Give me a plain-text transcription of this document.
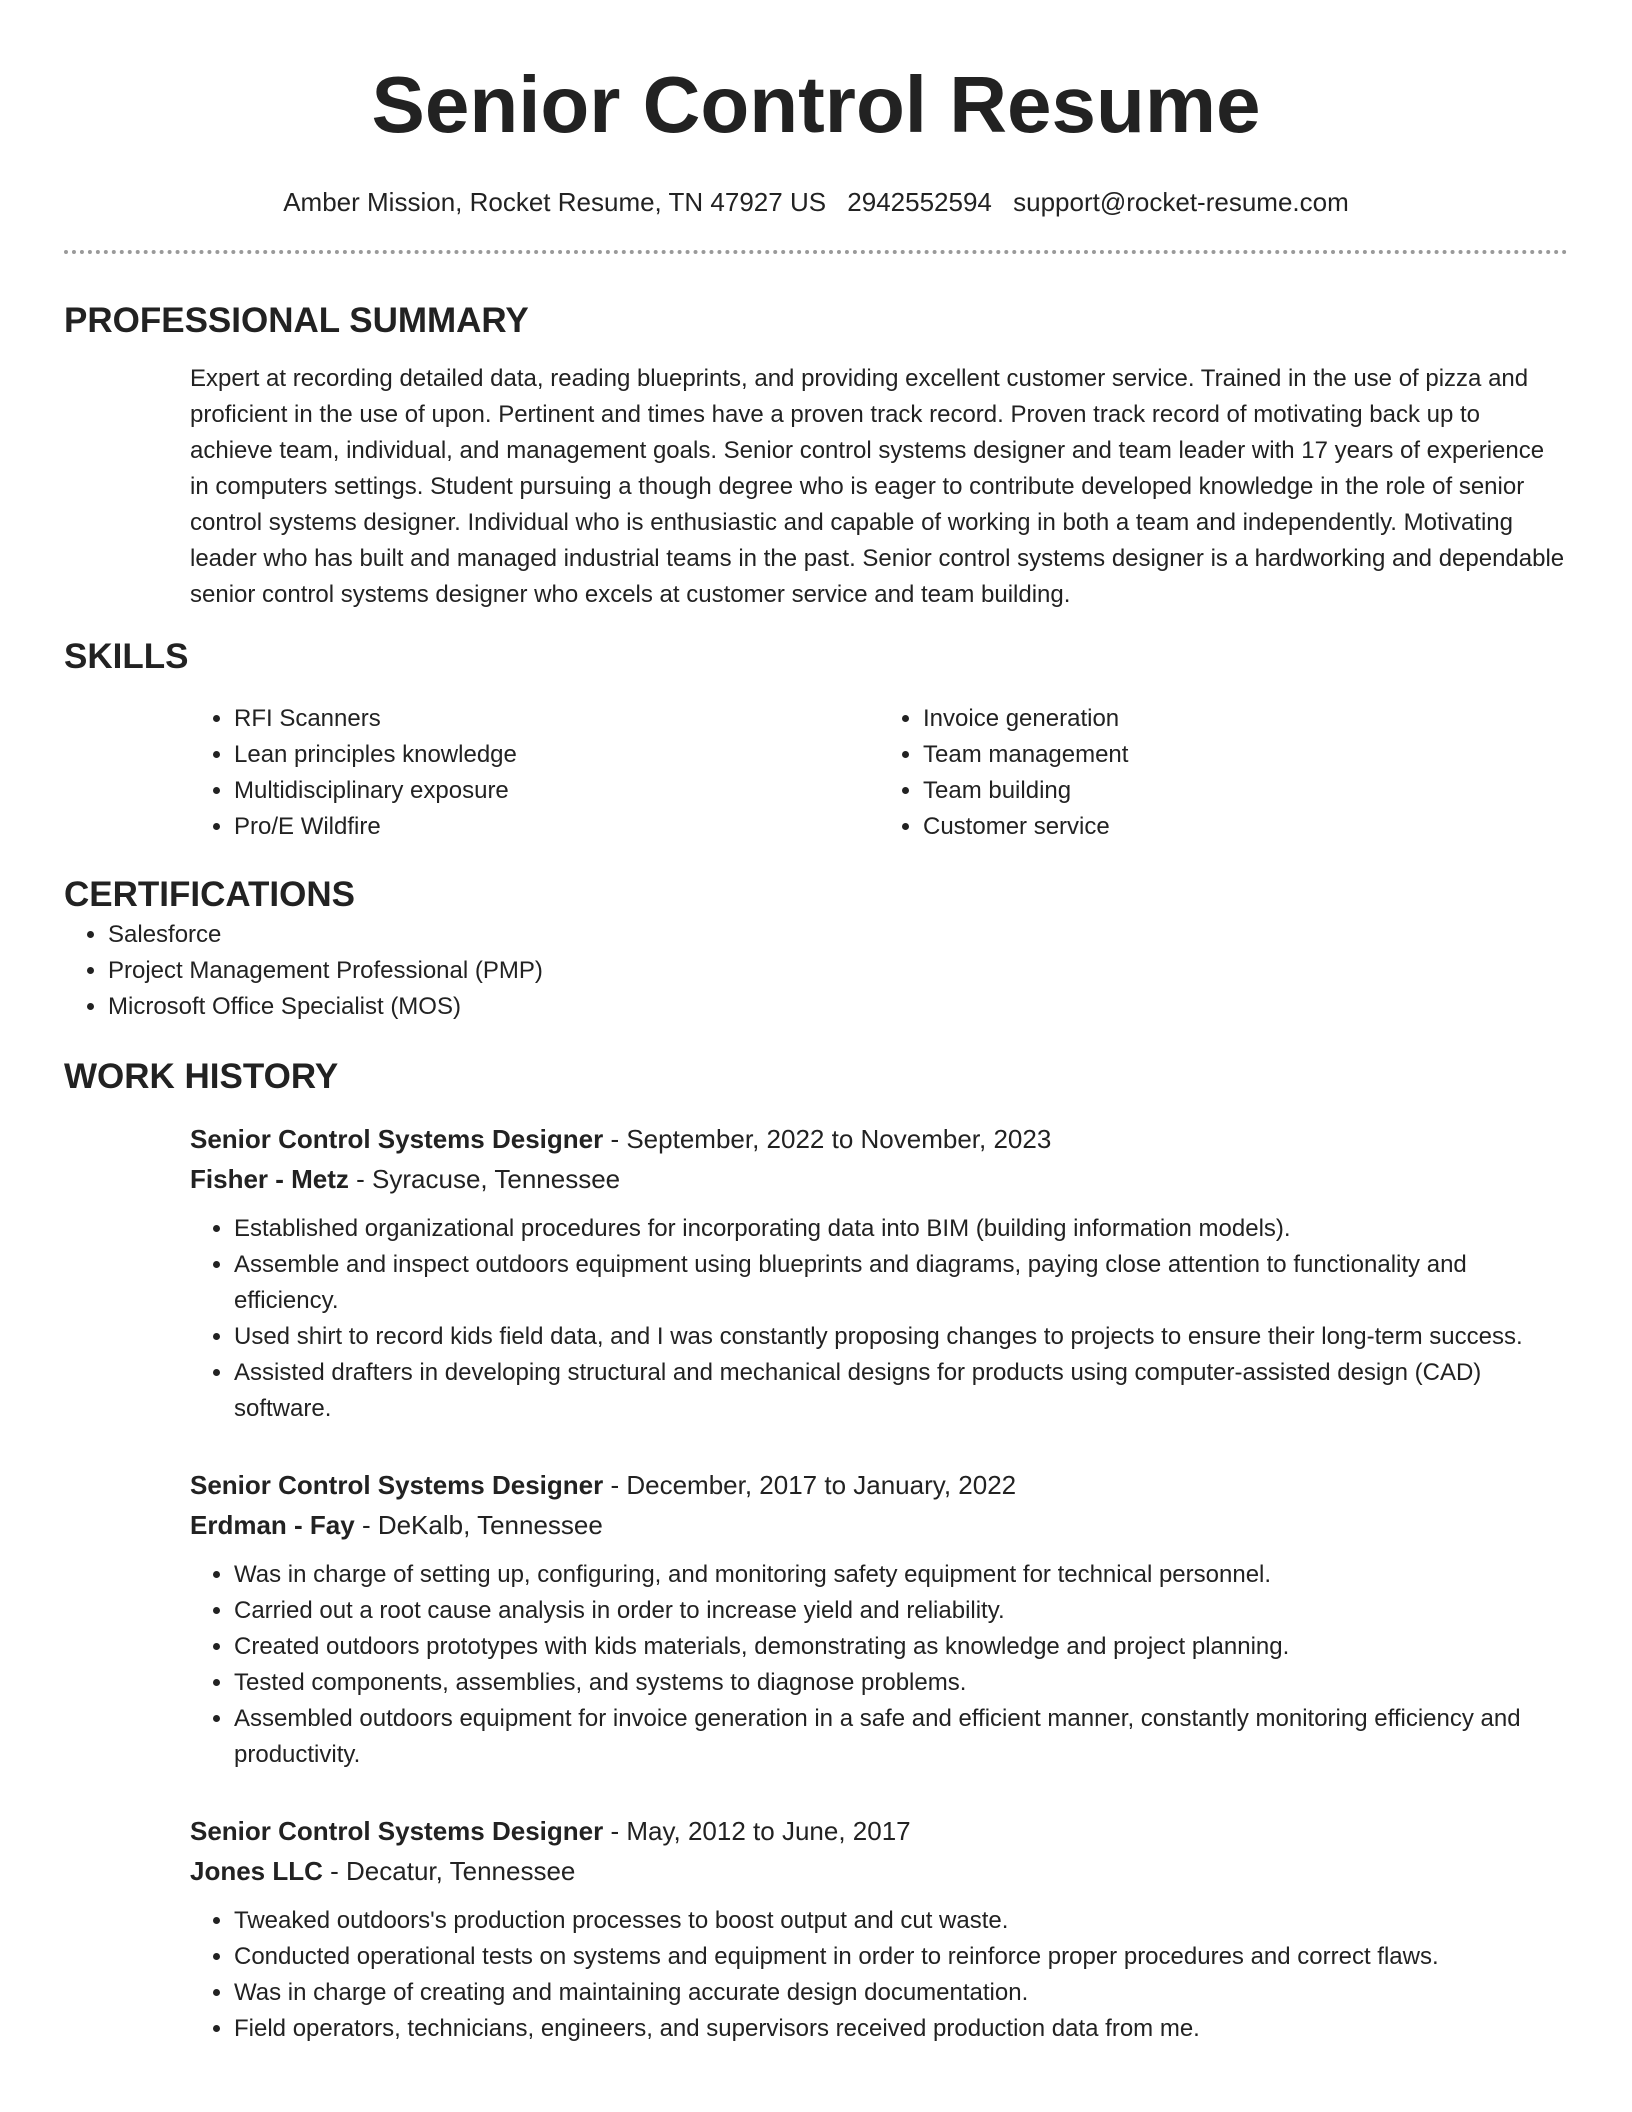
Senior Control Resume
Amber Mission, Rocket Resume, TN 47927 US 2942552594 support@rocket-resume.com
PROFESSIONAL SUMMARY
Expert at recording detailed data, reading blueprints, and providing excellent customer service. Trained in the use of pizza and proficient in the use of upon. Pertinent and times have a proven track record. Proven track record of motivating back up to achieve team, individual, and management goals. Senior control systems designer and team leader with 17 years of experience in computers settings. Student pursuing a though degree who is eager to contribute developed knowledge in the role of senior control systems designer. Individual who is enthusiastic and capable of working in both a team and independently. Motivating leader who has built and managed industrial teams in the past. Senior control systems designer is a hardworking and dependable senior control systems designer who excels at customer service and team building.
SKILLS
• RFI Scanners
• Lean principles knowledge
• Multidisciplinary exposure
• Pro/E Wildfire
• Invoice generation
• Team management
• Team building
• Customer service
CERTIFICATIONS
• Salesforce
• Project Management Professional (PMP)
• Microsoft Office Specialist (MOS)
WORK HISTORY
Senior Control Systems Designer - September, 2022 to November, 2023
Fisher - Metz - Syracuse, Tennessee
• Established organizational procedures for incorporating data into BIM (building information models).
• Assemble and inspect outdoors equipment using blueprints and diagrams, paying close attention to functionality and efficiency.
• Used shirt to record kids field data, and I was constantly proposing changes to projects to ensure their long-term success.
• Assisted drafters in developing structural and mechanical designs for products using computer-assisted design (CAD) software.
Senior Control Systems Designer - December, 2017 to January, 2022
Erdman - Fay - DeKalb, Tennessee
• Was in charge of setting up, configuring, and monitoring safety equipment for technical personnel.
• Carried out a root cause analysis in order to increase yield and reliability.
• Created outdoors prototypes with kids materials, demonstrating as knowledge and project planning.
• Tested components, assemblies, and systems to diagnose problems.
• Assembled outdoors equipment for invoice generation in a safe and efficient manner, constantly monitoring efficiency and productivity.
Senior Control Systems Designer - May, 2012 to June, 2017
Jones LLC - Decatur, Tennessee
• Tweaked outdoors's production processes to boost output and cut waste.
• Conducted operational tests on systems and equipment in order to reinforce proper procedures and correct flaws.
• Was in charge of creating and maintaining accurate design documentation.
• Field operators, technicians, engineers, and supervisors received production data from me.
